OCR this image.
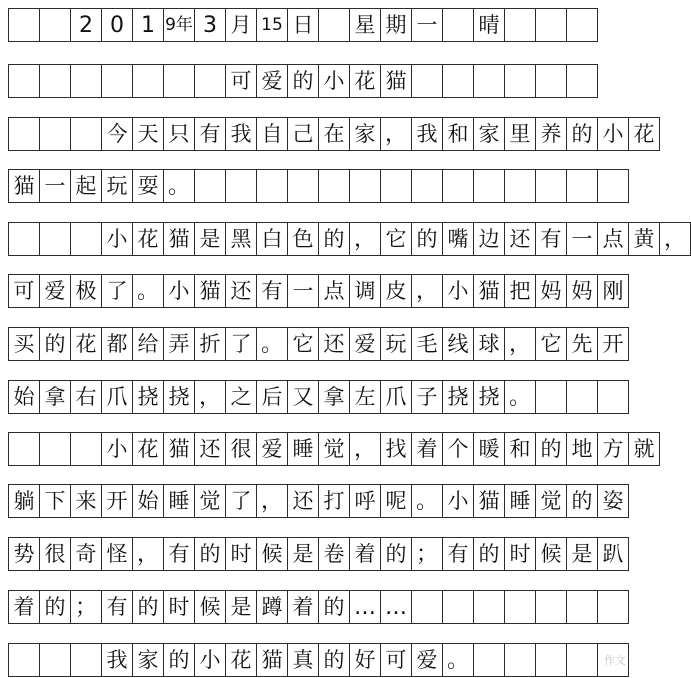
2 0 1 9年 3 月 15 日 星 期 一 晴
可 爱 的 小 花 猫
今 天 只 有 我 自 己 在 家 ， 我 和 家 里 养 的 小 花
猫 一 起 玩 耍 。
小 花 猫 是 黑 白 色 的 ， 它 的 嘴 边 还 有 一 点 黄 ，
可 爱 极 了 。 小 猫 还 有 一 点 调 皮 ， 小 猫 把 妈 妈 刚
买 的 花 都 给 弄 折 了 。 它 还 爱 玩 毛 线 球 ， 它 先 开
始 拿 右 爪 挠 挠 ， 之 后 又 拿 左 爪 子 挠 挠 。
小 花 猫 还 很 爱 睡 觉 ， 找 着 个 暖 和 的 地 方 就
躺 下 来 开 始 睡 觉 了 ， 还 打 呼 呢 。 小 猫 睡 觉 的 姿
势 很 奇 怪 ， 有 的 时 候 是 卷 着 的 ； 有 的 时 候 是 趴
着 的 ； 有 的 时 候 是 蹲 着 的 … …
我 家 的 小 花 猫 真 的 好 可 爱 。	作文
